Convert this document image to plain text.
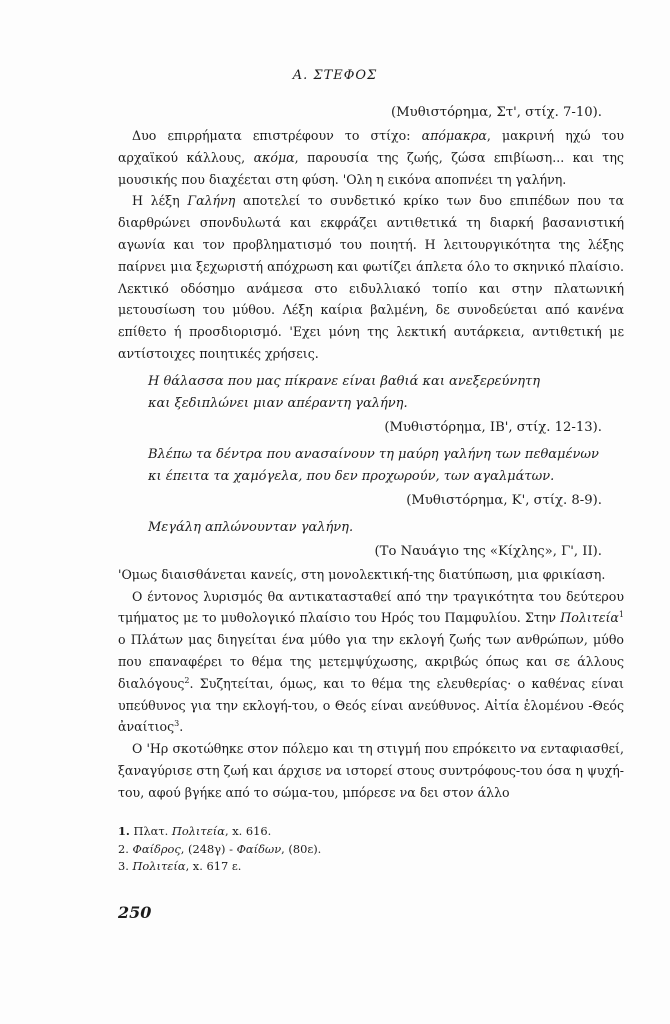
Α. ΣΤΕΦΟΣ

(Μυθιστόρημα, Στ', στίχ. 7-10).

Δυο επιρρήματα επιστρέφουν το στίχο: απόμακρα, μακρινή ηχώ του αρχαϊκού κάλλους, ακόμα, παρουσία της ζωής, ζώσα επιβίωση... και της μουσικής που διαχέεται στη φύση. 'Ολη η εικόνα αποπνέει τη γαλήνη.

Η λέξη Γαλήνη αποτελεί το συνδετικό κρίκο των δυο επιπέδων που τα διαρθρώνει σπονδυλωτά και εκφράζει αντιθετικά τη διαρκή βασανιστική αγωνία και τον προβληματισμό του ποιητή. Η λειτουργικότητα της λέξης παίρνει μια ξεχωριστή απόχρωση και φωτίζει άπλετα όλο το σκηνικό πλαίσιο. Λεκτικό οδόσημο ανάμεσα στο ειδυλλιακό τοπίο και στην πλατωνική μετουσίωση του μύθου. Λέξη καίρια βαλμένη, δε συνοδεύεται από κανένα επίθετο ή προσδιορισμό. 'Εχει μόνη της λεκτική αυτάρκεια, αντιθετική με αντίστοιχες ποιητικές χρήσεις.

Η θάλασσα που μας πίκρανε είναι βαθιά και ανεξερεύνητη
και ξεδιπλώνει μιαν απέραντη γαλήνη.

(Μυθιστόρημα, ΙΒ', στίχ. 12-13).

Βλέπω τα δέντρα που ανασαίνουν τη μαύρη γαλήνη των πεθαμένων
κι έπειτα τα χαμόγελα, που δεν προχωρούν, των αγαλμάτων.

(Μυθιστόρημα, Κ', στίχ. 8-9).

Μεγάλη απλώνουνταν γαλήνη.

(Το Ναυάγιο της «Κίχλης», Γ', II).

'Ομως διαισθάνεται κανείς, στη μονολεκτική-της διατύπωση, μια φρικίαση.

Ο έντονος λυρισμός θα αντικατασταθεί από την τραγικότητα του δεύτερου τμήματος με το μυθολογικό πλαίσιο του Ηρός του Παμφυλίου. Στην Πολιτεία$^1$ ο Πλάτων μας διηγείται ένα μύθο για την εκλογή ζωής των ανθρώπων, μύθο που επαναφέρει το θέμα της μετεμψύχωσης, ακριβώς όπως και σε άλλους διαλόγους$^2$. Συζητείται, όμως, και το θέμα της ελευθερίας· ο καθένας είναι υπεύθυνος για την εκλογή-του, ο Θεός είναι ανεύθυνος. Αἰτία ἑλομένου -Θεός ἀναίτιος$^3$.

Ο 'Ηρ σκοτώθηκε στον πόλεμο και τη στιγμή που επρόκειτο να ενταφιασθεί, ξαναγύρισε στη ζωή και άρχισε να ιστορεί στους συντρόφους-του όσα η ψυχή-του, αφού βγήκε από το σώμα-του, μπόρεσε να δει στον άλλο

1. Πλατ. Πολιτεία, x. 616.
2. Φαίδρος, (248γ) - Φαίδων, (80ε).
3. Πολιτεία, x. 617 ε.
250
